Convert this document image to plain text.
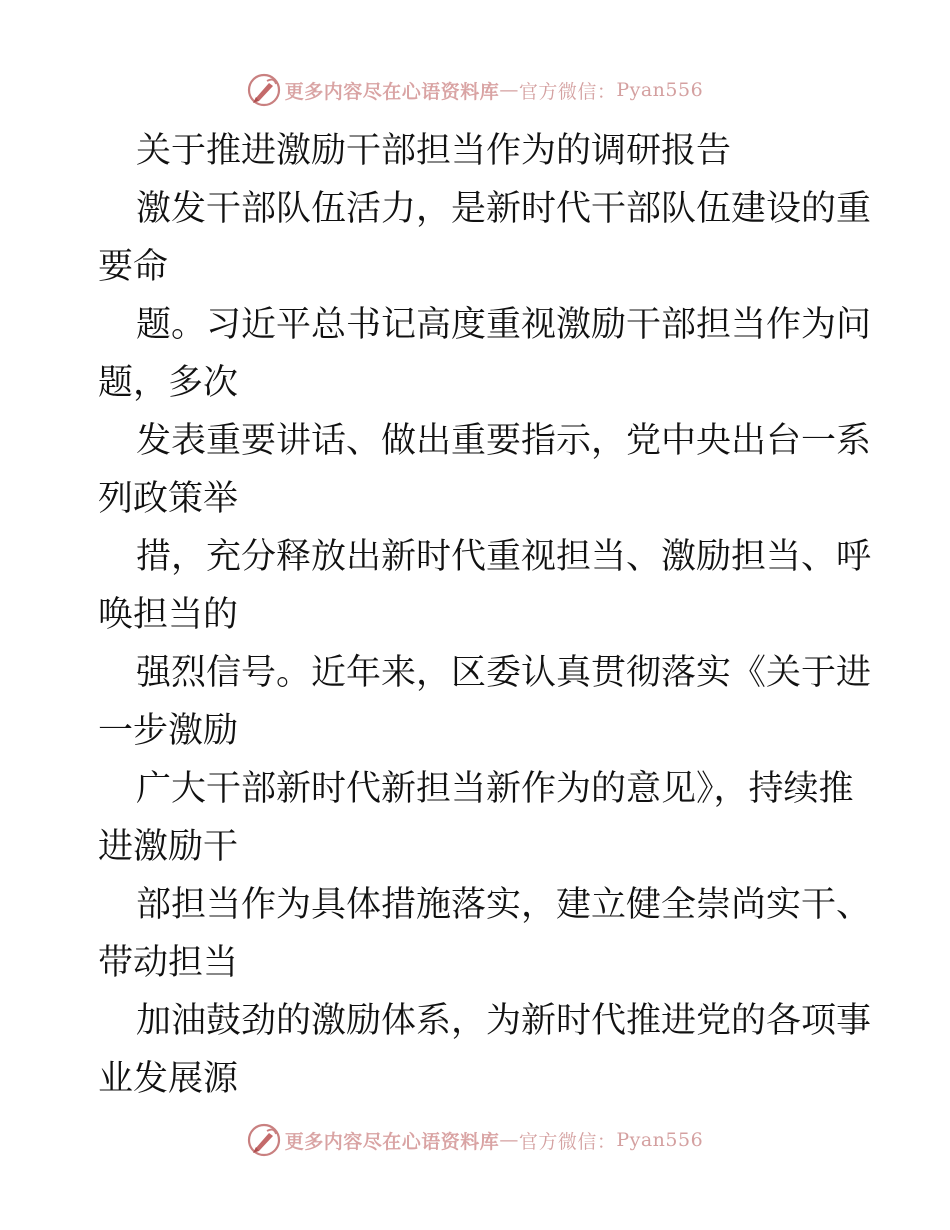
更多内容尽在心语资料库 — 官方微信： Pyan556
关于推进激励干部担当作为的调研报告
激发干部队伍活力，是新时代干部队伍建设的重
要命
题。习近平总书记高度重视激励干部担当作为问
题，多次
发表重要讲话、做出重要指示，党中央出台一系
列政策举
措，充分释放出新时代重视担当、激励担当、呼
唤担当的
强烈信号。近年来，区委认真贯彻落实《关于进
一步激励
广大干部新时代新担当新作为的意见》，持续推
进激励干
部担当作为具体措施落实，建立健全崇尚实干、
带动担当
加油鼓劲的激励体系，为新时代推进党的各项事
业发展源
更多内容尽在心语资料库 — 官方微信： Pyan556
